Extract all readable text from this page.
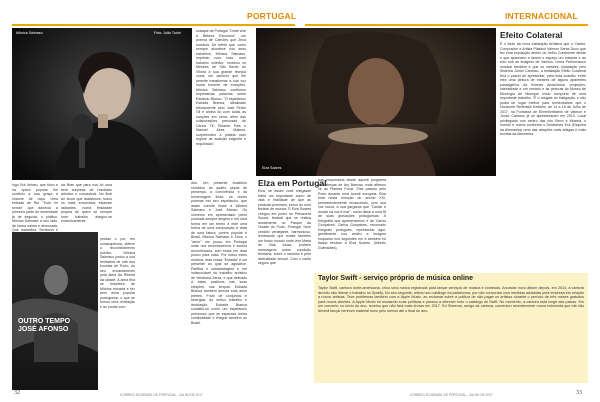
PORTUGAL
Mônica Salmaso	Foto: João Turini	sotaque de Portugal "Onde vive a Bébera Escurava", um poema de Camões que Zeca musicou. De referir que, como sempre acontece nos seus trabalhos, Mônica Salmaso, imprimiu num todo, num trabalho coletivo, mostrou os Mestres de São Bento do Vitória a sua grande técnica vocal, um domínio que lhe permite transformar a sua voz numa torrente de emoções. Mônica Salmaso confirmou impressivas palavras sobre Eduardo Bianco: "O espetáculo Estrada Branca, idealizado tributamente pelo José Pedro Gil e alinha do com todas as canções em cena, além das colaborações preciosas de Carlos Tê, Ricardo Pais e Manuel Aires Mateus, surpreendeu a plateia num regime de audição exigente e requintado".

logo Rui Veloso, que ficou e na ópera popular lhe conferiu a sua graça e charme de raça. Uma entrada de Rui "Tudo foi sendo" que adornou a primeira parte de serenidade já de seguida, o público. Mônica Salmaso a seu lado, de forma calma e demorada, Que maravilha. Sentimos é

da Bran que para nós foi uma bela surpresa de resultado artístico e conceptual. No final do show que assistimos, todos os mais envolvidos estavam radiantes, numa felicidade própria de quem se sempre num trabalho alargou-se exclusivamente.

OUTRO TEMPO
JOSÉ AFONSO

perdas o por, em consequência, obteve o reconhecimento público. Mônica Salmaso juntou a sua belíssima de ode aos bocetas de Porto, do seu encantamento pela alma da Ribeira da cidade. A alma fina se brasileira de Mônica encaixa e fez bem alma popular portuguesa, o que se tornou uma revelação e ao contar com

dos. Um presente brasileiro convidou às quatro peças de presença, a convivência e da homenagem linda, os doces poemas em seu espetáculo, que assim convite fosse a Mônica Salmaso e José Afonso. Os números em apresentado pelos pontuais sempre alegres e em uma forma em um termo a este uma forma de uma composição à vista de uma fatura, porém popular e Brasil, Mônica Salmaso e Zeca, o "amor" um pouco em Portugal onde nos reconhecemos e somos reconhecidos, com estas em vista pouco para casa. Por todos estes motivos, esta nossa "Estrada" é um presente ao qual se agradece. Partilha e camaradagem e em indissociável do trabalho artístico de Veridiana Zarza, e que delicado a estes positivos nas suas eleições, nas sexpas. Estrada Branca também denota eras anos prebes. Fruto de conjuntos e sinergias, do mútuo trabalho e dedicação. Estrada Branca constitui-se como um espetáculo primoroso que se esperava tenha continuidade e chegue também ao Brasil.

Elza em Portugal

Elza, se assim você chegasse traria um importante sopro de vida e realidade de que as pessoas precisam, incluir do num festival de música. E Elza Soares chegou em junho ao Primavera Sound, festival que se realiza anualmente no Parque da Cidade do Porto, Portugal. Num cenário verdejante, harmonioso, lembrando que existe também um fundo mundo onde vive Maria de Vida Idosa, proferiu mensagens sobre condição feminina, sobre o racismo e pela diversidade sexual. Com o canto seguro que

CORREIO DO BRASIL DE PORTUGAL - JULHO DE 2017
32
INTERNACIONAL
Elza Soares

nos proporciona desde aquele programa de cabeças de Ary Barroso onde afirmou vir do Planeta Fome. Elza passou pelo Porto durante uma tournê europeia. Elza está nesta emoção do século XXI, permanentemente renascendo, com sua voz rouca, a sua garganta que "Cantar é mudar na rua é mar", como disse a uma fã de suas gravações portuguesas. A fotografia que apresentamos é de Carlos Gonçalves. Carlos Gonçalves, renomado fotógrafo português, representar agui, gentilmente nos cedeu a imagem enquanto nos seguintes em a também foi ficado rendido a Elza Soares. (Alberto Guimarães)

Efeito Colateral

É o título da nova instalação Artística que o Cantor, Compositor e Artista Plástico Valmon Santa Duvo que fez esta exposição dentro do Velho Continente desde o que aparecem e fazem o espaço um instante e ao eixo sob as imagens de Valmon. Lema Performance musical também e que os mestres, instalação pelo Sistema Júnior Cardoso, a Instalação Efeito Colateral terá o prazer de apresentar, para esta ocasião, entre eles uma pintura de mestres de alguns aparentes passageiros da floresta Amazônica; projeções, intensidade e um cenário e as pinturas do Museu de Etnologia de Munique início comporta de uma importante trabalho. "É o resgate do instigação, e não podia ter lugar melhor para comercializar que o Horizonte Reiterado Kelblein, de 14 a 16 de Julho de 2017, na Fortaleza de Ehrenbreitstein de Valmon e Júnior Cardoso já se apresentaram em 2013. Local privilegiado nos centro das rios Reno e Mosela, o mundo e outros conforma o Deutsches Eck (Esquina da Alemanha) uma das atrações mais antigas e mais bonitas da Alemanha.

Taylor Swift - serviço próprio de música online

Taylor Swift, cantora norte-americana, criou uma marca registrada para lançar serviços de música e conteúdo. Anunciar novo álbum depois, em 2014, a cantora decidiu não liberar o trabalho no Spotify. No ano seguinte, retirou seu catálogo da plataforma, por não concordar com medidas adotadas pela empresa em relação a novos artistas. Teve problemas também com a Apple Music, ao reclamar sobre a política de não pagar os artistas durante o período de três meses gratuitos para novos clientes. A Apple Music foi mudando suas políticas e passou a oferecer todo o catálogo de Swift. No momento, a cantora está longe das palcas. Em um concerto no início do ano, revelou que não fará mais shows em 2017. Ed Sheeran, amigo da cantora, comentou recentemente numa entrevista que ela não deverá lançar nenhum material novo pelo menos até o final do ano.

CORREIO DO BRASIL DE PORTUGAL - JULHO DE 2017	33
